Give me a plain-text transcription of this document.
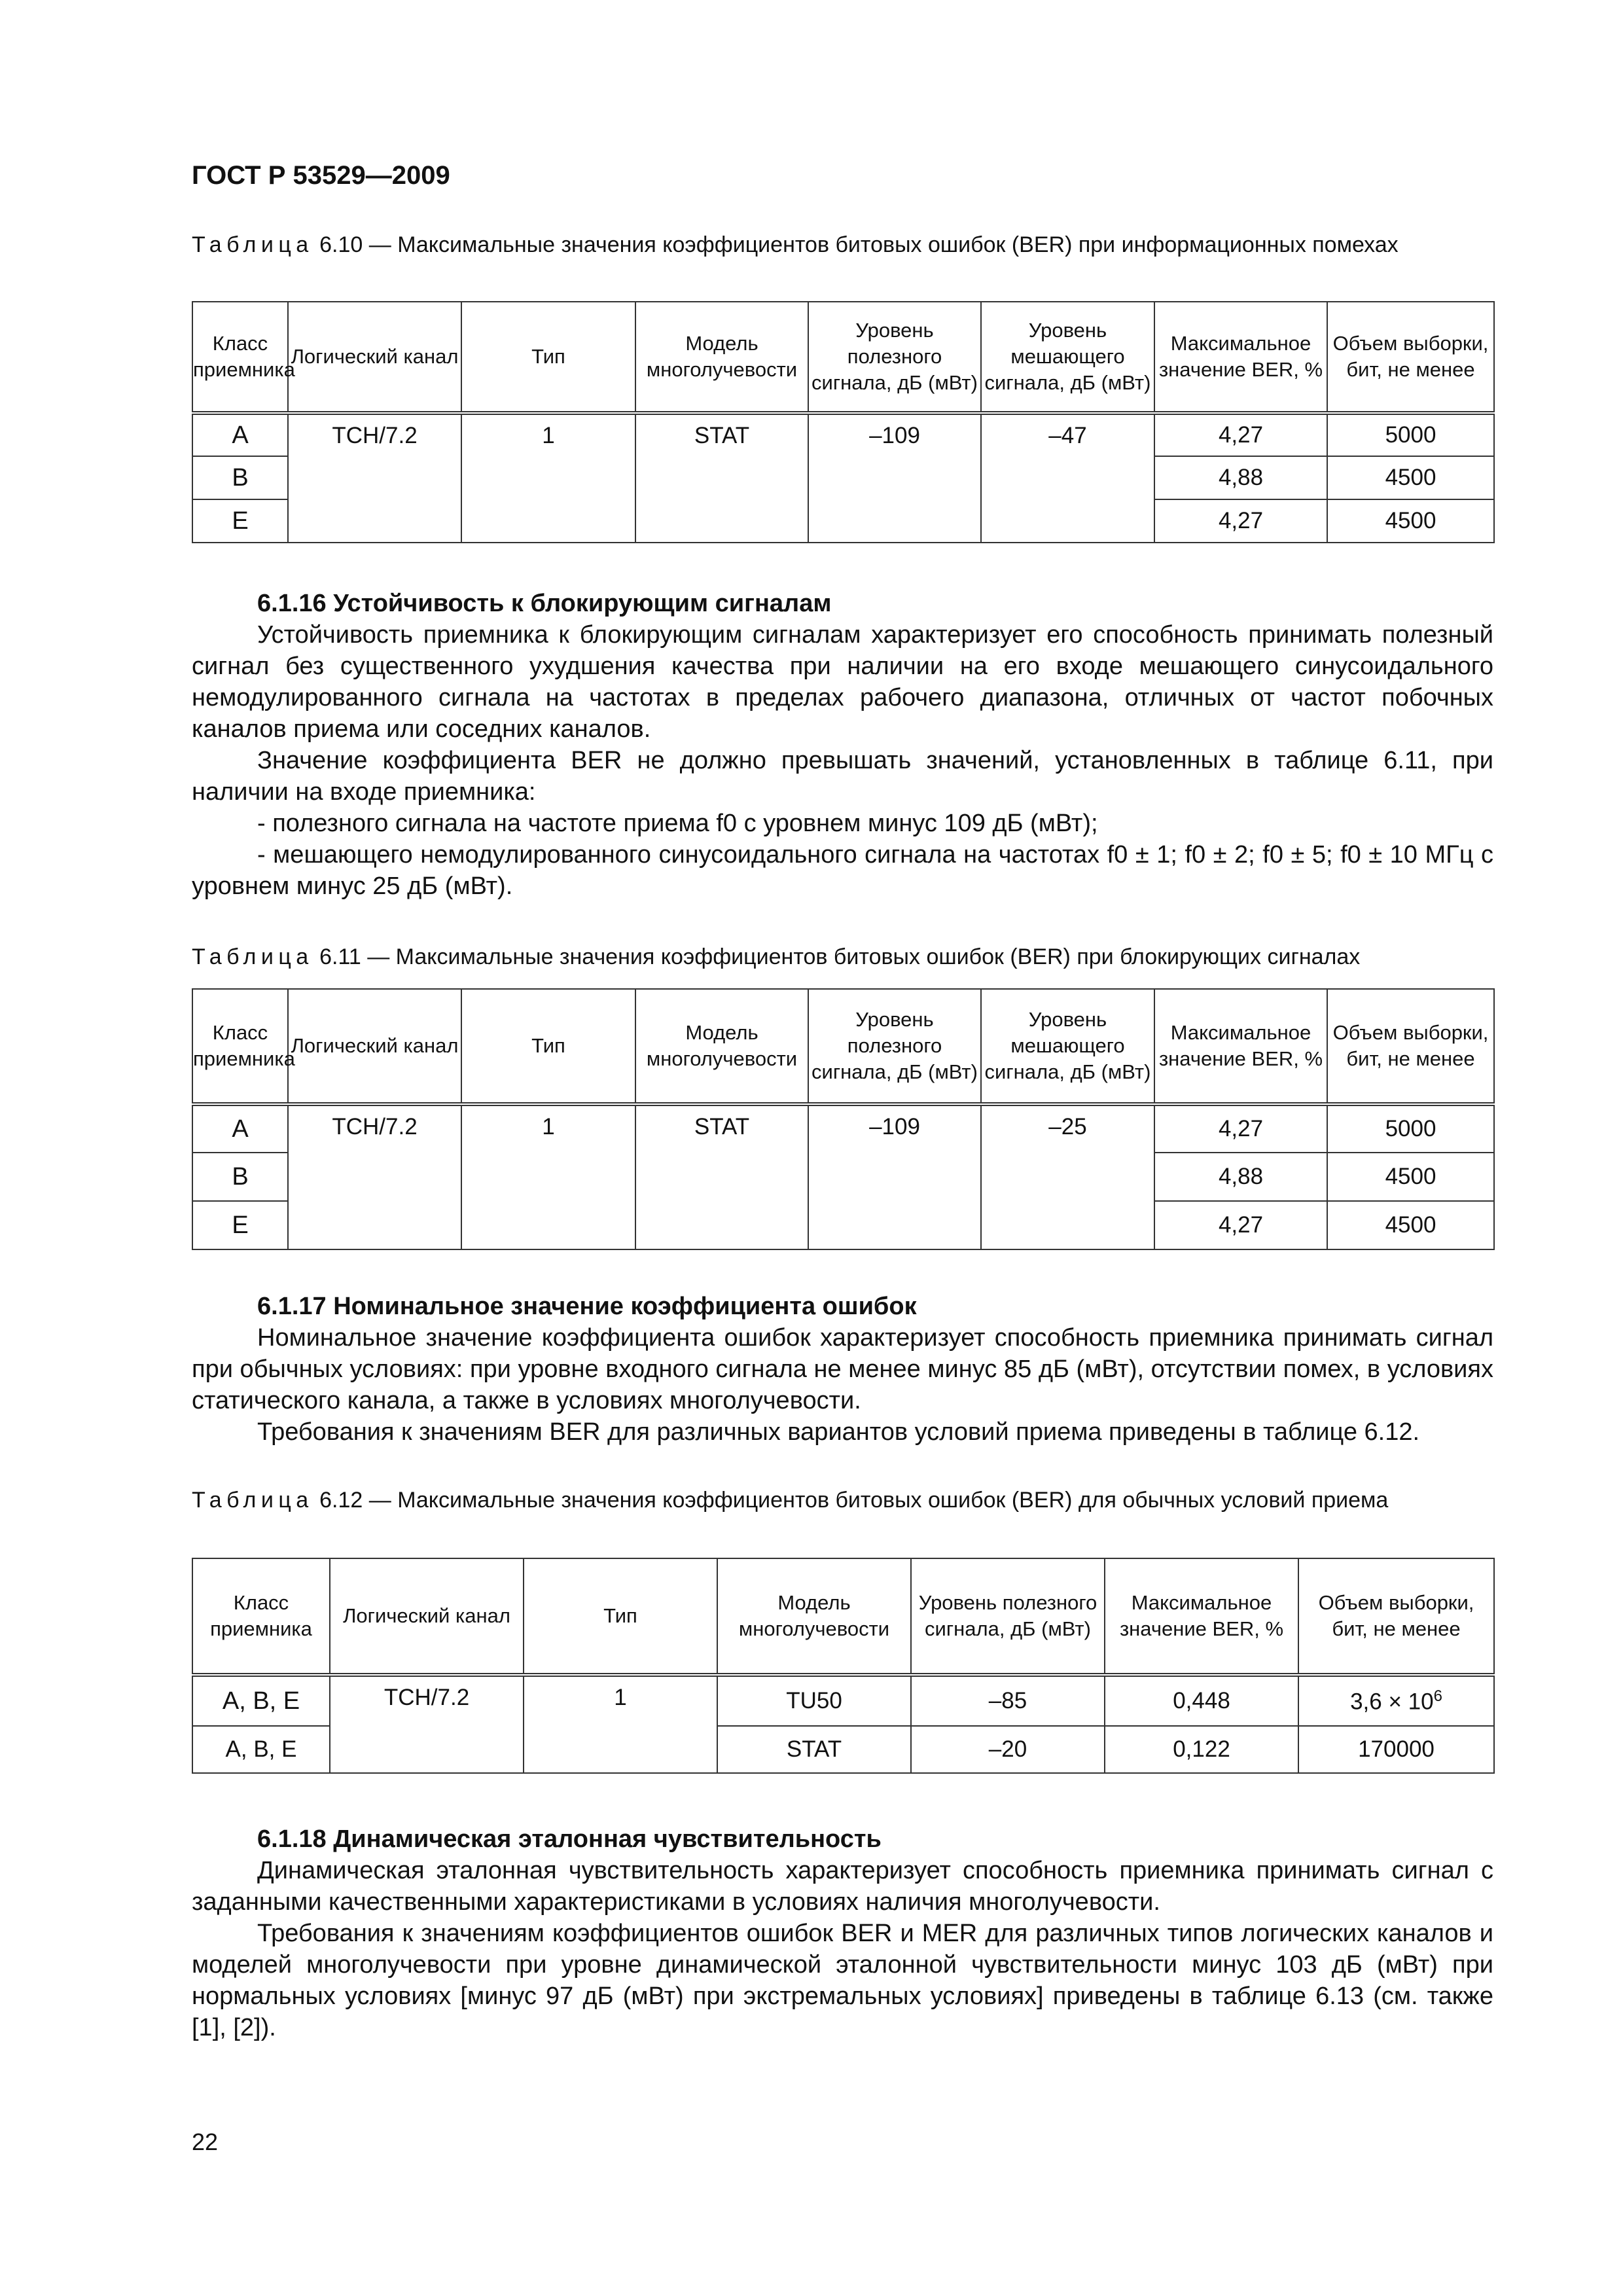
ГОСТ Р 53529—2009
Таблица 6.10 — Максимальные значения коэффициентов битовых ошибок (BER) при информационных помехах
Класс приемника	Логический канал	Тип	Модель многолучевости	Уровень полезного сигнала, дБ (мВт)	Уровень мешающего сигнала, дБ (мВт)	Максимальное значение BER, %	Объем выборки, бит, не менее
A	TCH/7.2	1	STAT	–109	–47	4,27	5000
B						4,88	4500
E						4,27	4500
6.1.16 Устойчивость к блокирующим сигналам

Устойчивость приемника к блокирующим сигналам характеризует его способность принимать полезный сигнал без существенного ухудшения качества при наличии на его входе мешающего синусоидального немодулированного сигнала на частотах в пределах рабочего диапазона, отличных от частот побочных каналов приема или соседних каналов.

Значение коэффициента BER не должно превышать значений, установленных в таблице 6.11, при наличии на входе приемника:

- полезного сигнала на частоте приема f0 с уровнем минус 109 дБ (мВт);

- мешающего немодулированного синусоидального сигнала на частотах f0 ± 1; f0 ± 2; f0 ± 5; f0 ± 10 МГц с уровнем минус 25 дБ (мВт).

Таблица 6.11 — Максимальные значения коэффициентов битовых ошибок (BER) при блокирующих сигналах
Класс приемника	Логический канал	Тип	Модель многолучевости	Уровень полезного сигнала, дБ (мВт)	Уровень мешающего сигнала, дБ (мВт)	Максимальное значение BER, %	Объем выборки, бит, не менее
A	TCH/7.2	1	STAT	–109	–25	4,27	5000
B						4,88	4500
E						4,27	4500
6.1.17 Номинальное значение коэффициента ошибок

Номинальное значение коэффициента ошибок характеризует способность приемника принимать сигнал при обычных условиях: при уровне входного сигнала не менее минус 85 дБ (мВт), отсутствии помех, в условиях статического канала, а также в условиях многолучевости.

Требования к значениям BER для различных вариантов условий приема приведены в таблице 6.12.

Таблица 6.12 — Максимальные значения коэффициентов битовых ошибок (BER) для обычных условий приема
Класс приемника	Логический канал	Тип	Модель многолучевости	Уровень полезного сигнала, дБ (мВт)	Максимальное значение BER, %	Объем выборки, бит, не менее
A, B, E	TCH/7.2	1	TU50	–85	0,448	$3,6 \times 10^6$
A, B, E			STAT	–20	0,122	170000
6.1.18 Динамическая эталонная чувствительность

Динамическая эталонная чувствительность характеризует способность приемника принимать сигнал с заданными качественными характеристиками в условиях наличия многолучевости.

Требования к значениям коэффициентов ошибок BER и MER для различных типов логических каналов и моделей многолучевости при уровне динамической эталонной чувствительности минус 103 дБ (мВт) при нормальных условиях [минус 97 дБ (мВт) при экстремальных условиях] приведены в таблице 6.13 (см. также [1], [2]).

22
